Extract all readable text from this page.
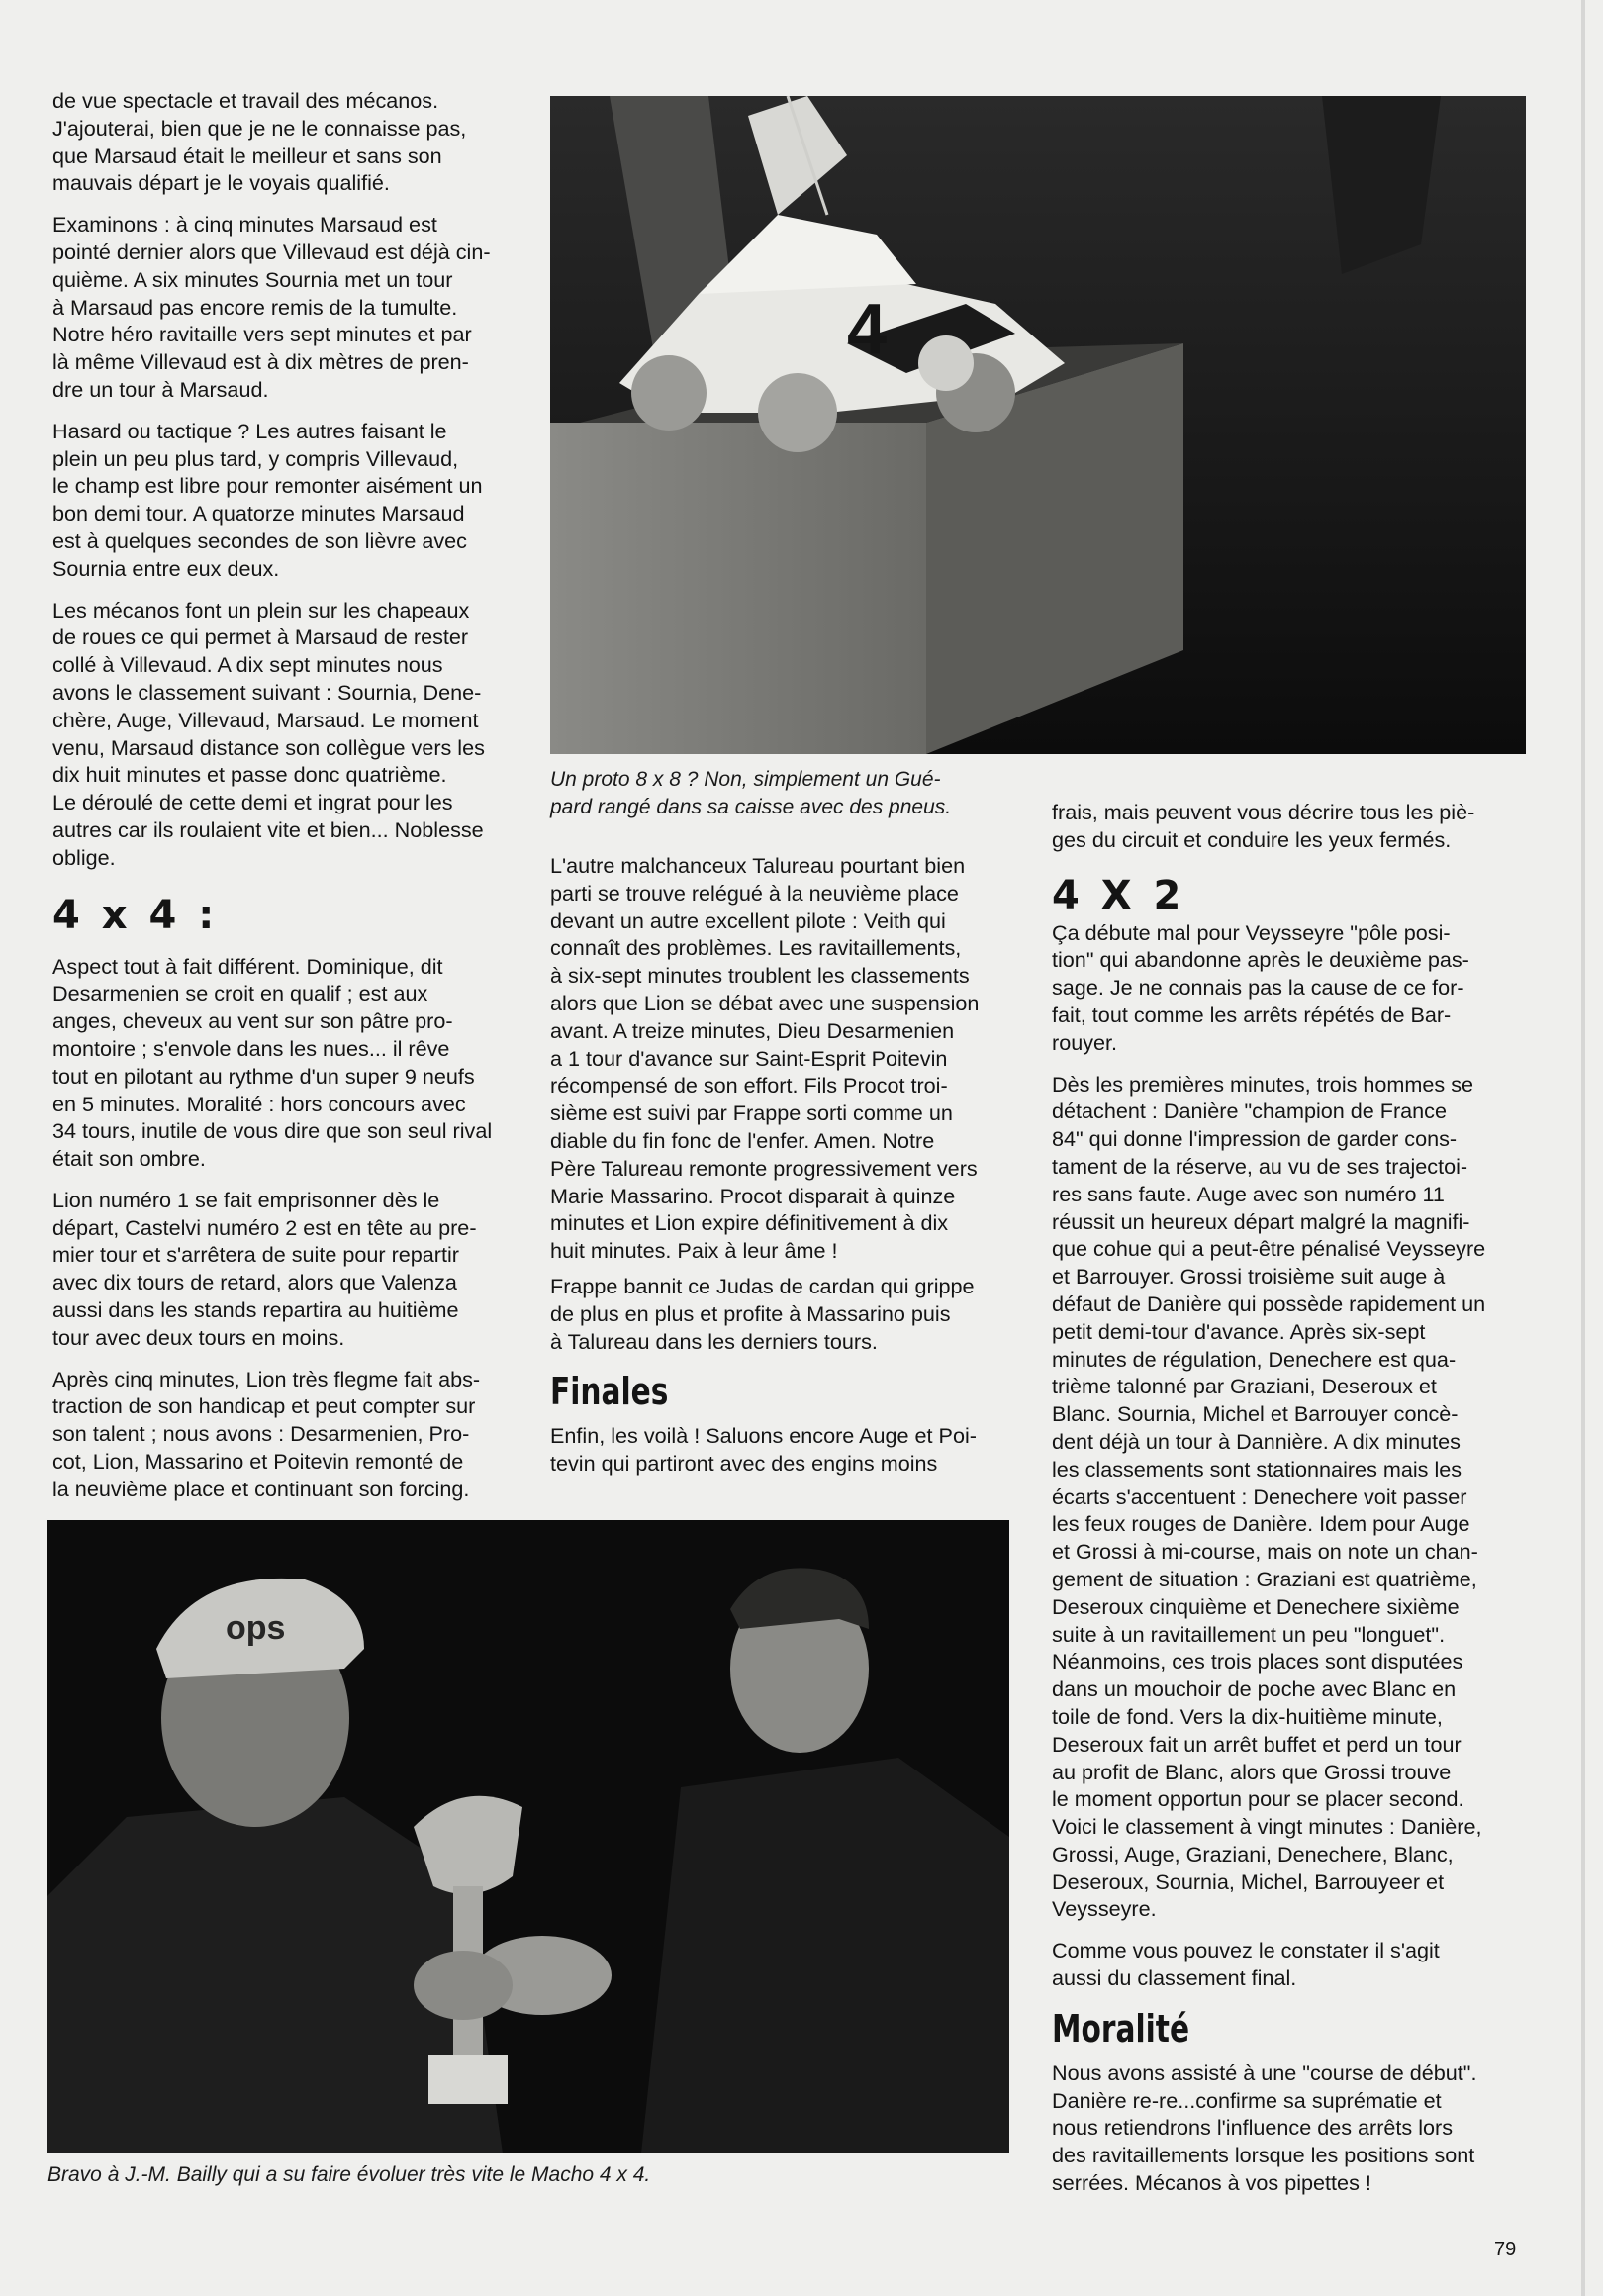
de vue spectacle et travail des mécanos.
J'ajouterai, bien que je ne le connaisse pas,
que Marsaud était le meilleur et sans son
mauvais départ je le voyais qualifié.

Examinons : à cinq minutes Marsaud est
pointé dernier alors que Villevaud est déjà cin-
quième. A six minutes Sournia met un tour
à Marsaud pas encore remis de la tumulte.
Notre héro ravitaille vers sept minutes et par
là même Villevaud est à dix mètres de pren-
dre un tour à Marsaud.

Hasard ou tactique ? Les autres faisant le
plein un peu plus tard, y compris Villevaud,
le champ est libre pour remonter aisément un
bon demi tour. A quatorze minutes Marsaud
est à quelques secondes de son lièvre avec
Sournia entre eux deux.

Les mécanos font un plein sur les chapeaux
de roues ce qui permet à Marsaud de rester
collé à Villevaud. A dix sept minutes nous
avons le classement suivant : Sournia, Dene-
chère, Auge, Villevaud, Marsaud. Le moment
venu, Marsaud distance son collègue vers les
dix huit minutes et passe donc quatrième.
Le déroulé de cette demi et ingrat pour les
autres car ils roulaient vite et bien... Noblesse
oblige.

4 x 4 :

Aspect tout à fait différent. Dominique, dit
Desarmenien se croit en qualif ; est aux
anges, cheveux au vent sur son pâtre pro-
montoire ; s'envole dans les nues... il rêve
tout en pilotant au rythme d'un super 9 neufs
en 5 minutes. Moralité : hors concours avec
34 tours, inutile de vous dire que son seul rival
était son ombre.

Lion numéro 1 se fait emprisonner dès le
départ, Castelvi numéro 2 est en tête au pre-
mier tour et s'arrêtera de suite pour repartir
avec dix tours de retard, alors que Valenza
aussi dans les stands repartira au huitième
tour avec deux tours en moins.

Après cinq minutes, Lion très flegme fait abs-
traction de son handicap et peut compter sur
son talent ; nous avons : Desarmenien, Pro-
cot, Lion, Massarino et Poitevin remonté de
la neuvième place et continuant son forcing.

4
Un proto 8 x 8 ? Non, simplement un Gué-
pard rangé dans sa caisse avec des pneus.

L'autre malchanceux Talureau pourtant bien
parti se trouve relégué à la neuvième place
devant un autre excellent pilote : Veith qui
connaît des problèmes. Les ravitaillements,
à six-sept minutes troublent les classements
alors que Lion se débat avec une suspension
avant. A treize minutes, Dieu Desarmenien
a 1 tour d'avance sur Saint-Esprit Poitevin
récompensé de son effort. Fils Procot troi-
sième est suivi par Frappe sorti comme un
diable du fin fonc de l'enfer. Amen. Notre
Père Talureau remonte progressivement vers
Marie Massarino. Procot disparait à quinze
minutes et Lion expire définitivement à dix
huit minutes. Paix à leur âme !

Frappe bannit ce Judas de cardan qui grippe
de plus en plus et profite à Massarino puis
à Talureau dans les derniers tours.

Finales

Enfin, les voilà ! Saluons encore Auge et Poi-
tevin qui partiront avec des engins moins

frais, mais peuvent vous décrire tous les piè-
ges du circuit et conduire les yeux fermés.

4 X 2

Ça débute mal pour Veysseyre "pôle posi-
tion" qui abandonne après le deuxième pas-
sage. Je ne connais pas la cause de ce for-
fait, tout comme les arrêts répétés de Bar-
rouyer.

Dès les premières minutes, trois hommes se
détachent : Danière "champion de France
84" qui donne l'impression de garder cons-
tament de la réserve, au vu de ses trajectoi-
res sans faute. Auge avec son numéro 11
réussit un heureux départ malgré la magnifi-
que cohue qui a peut-être pénalisé Veysseyre
et Barrouyer. Grossi troisième suit auge à
défaut de Danière qui possède rapidement un
petit demi-tour d'avance. Après six-sept
minutes de régulation, Denechere est qua-
trième talonné par Graziani, Deseroux et
Blanc. Sournia, Michel et Barrouyer concè-
dent déjà un tour à Dannière. A dix minutes
les classements sont stationnaires mais les
écarts s'accentuent : Denechere voit passer
les feux rouges de Danière. Idem pour Auge
et Grossi à mi-course, mais on note un chan-
gement de situation : Graziani est quatrième,
Deseroux cinquième et Denechere sixième
suite à un ravitaillement un peu "longuet".
Néanmoins, ces trois places sont disputées
dans un mouchoir de poche avec Blanc en
toile de fond. Vers la dix-huitième minute,
Deseroux fait un arrêt buffet et perd un tour
au profit de Blanc, alors que Grossi trouve
le moment opportun pour se placer second.
Voici le classement à vingt minutes : Danière,
Grossi, Auge, Graziani, Denechere, Blanc,
Deseroux, Sournia, Michel, Barrouyeer et
Veysseyre.

Comme vous pouvez le constater il s'agit
aussi du classement final.

Moralité

Nous avons assisté à une "course de début".
Danière re-re...confirme sa suprématie et
nous retiendrons l'influence des arrêts lors
des ravitaillements lorsque les positions sont
serrées. Mécanos à vos pipettes !

ops
Bravo à J.-M. Bailly qui a su faire évoluer très vite le Macho 4 x 4.
79
